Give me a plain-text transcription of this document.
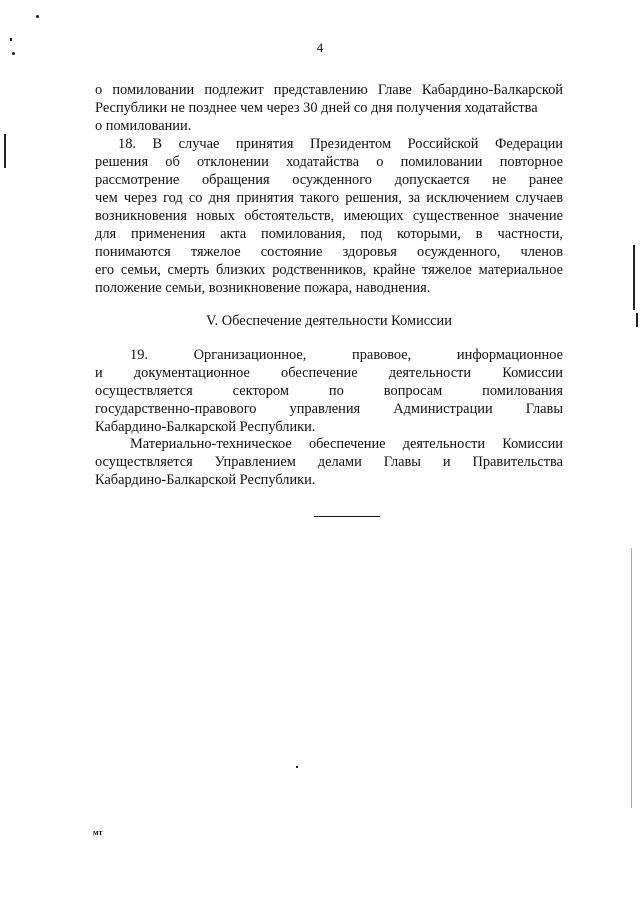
4
о помиловании подлежит представлению Главе Кабардино-Балкарской
Республики не позднее чем через 30 дней со дня получения ходатайства
о помиловании.
18. В случае принятия Президентом Российской Федерации
решения об отклонении ходатайства о помиловании повторное
рассмотрение обращения осужденного допускается не ранее
чем через год со дня принятия такого решения, за исключением случаев
возникновения новых обстоятельств, имеющих существенное значение
для применения акта помилования, под которыми, в частности,
понимаются тяжелое состояние здоровья осужденного, членов
его семьи, смерть близких родственников, крайне тяжелое материальное
положение семьи, возникновение пожара, наводнения.
V. Обеспечение деятельности Комиссии
19. Организационное, правовое, информационное
и документационное обеспечение деятельности Комиссии
осуществляется сектором по вопросам помилования
государственно-правового управления Администрации Главы
Кабардино-Балкарской Республики.
Материально-техническое обеспечение деятельности Комиссии
осуществляется Управлением делами Главы и Правительства
Кабардино-Балкарской Республики.
мт
